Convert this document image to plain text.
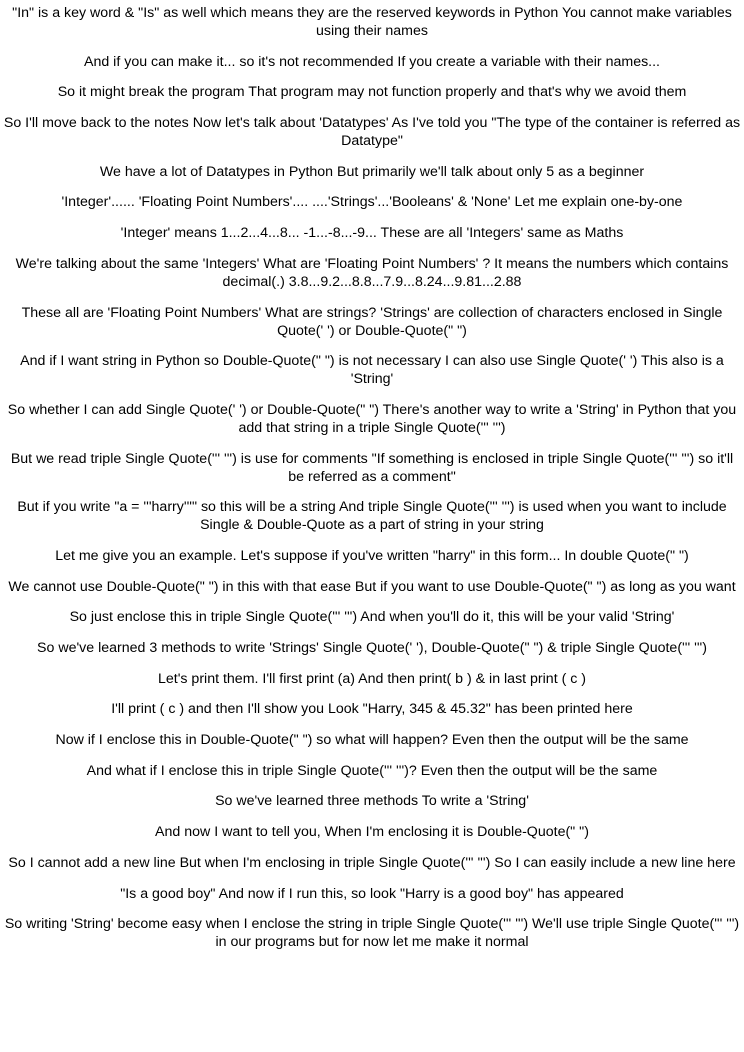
"In" is a key word & "Is" as well which means they are the reserved keywords in Python You cannot make variables using their names

And if you can make it... so it's not recommended If you create a variable with their names...

So it might break the program That program may not function properly and that's why we avoid them

So I'll move back to the notes Now let's talk about 'Datatypes' As I've told you "The type of the container is referred as Datatype"

We have a lot of Datatypes in Python But primarily we'll talk about only 5 as a beginner

'Integer'...... 'Floating Point Numbers'.... ....'Strings'...'Booleans' & 'None' Let me explain one-by-one

'Integer' means 1...2...4...8... -1...-8...-9... These are all 'Integers' same as Maths

We're talking about the same 'Integers' What are 'Floating Point Numbers' ? It means the numbers which contains decimal(.) 3.8...9.2...8.8...7.9...8.24...9.81...2.88

These all are 'Floating Point Numbers' What are strings? 'Strings' are collection of characters enclosed in Single Quote(' ') or Double-Quote(" ")

And if I want string in Python so Double-Quote(" ") is not necessary I can also use Single Quote(' ') This also is a 'String'

So whether I can add Single Quote(' ') or Double-Quote(" ") There's another way to write a 'String' in Python that you add that string in a triple Single Quote(''' ''')

But we read triple Single Quote(''' ''') is use for comments "If something is enclosed in triple Single Quote(''' ''') so it'll be referred as a comment"

But if you write "a = '''harry'''" so this will be a string And triple Single Quote(''' ''') is used when you want to include Single & Double-Quote as a part of string in your string

Let me give you an example. Let's suppose if you've written "harry" in this form... In double Quote(" ")

We cannot use Double-Quote(" ") in this with that ease But if you want to use Double-Quote(" ") as long as you want

So just enclose this in triple Single Quote(''' ''') And when you'll do it, this will be your valid 'String'

So we've learned 3 methods to write 'Strings' Single Quote(' '), Double-Quote(" ") & triple Single Quote(''' ''')

Let's print them. I'll first print (a) And then print( b ) & in last print ( c )

I'll print ( c ) and then I'll show you Look "Harry, 345 & 45.32" has been printed here

Now if I enclose this in Double-Quote(" ") so what will happen? Even then the output will be the same

And what if I enclose this in triple Single Quote(''' ''')? Even then the output will be the same

So we've learned three methods To write a 'String'

And now I want to tell you, When I'm enclosing it is Double-Quote(" ")

So I cannot add a new line But when I'm enclosing in triple Single Quote(''' ''') So I can easily include a new line here

"Is a good boy" And now if I run this, so look "Harry is a good boy" has appeared

So writing 'String' become easy when I enclose the string in triple Single Quote(''' ''') We'll use triple Single Quote(''' ''') in our programs but for now let me make it normal
